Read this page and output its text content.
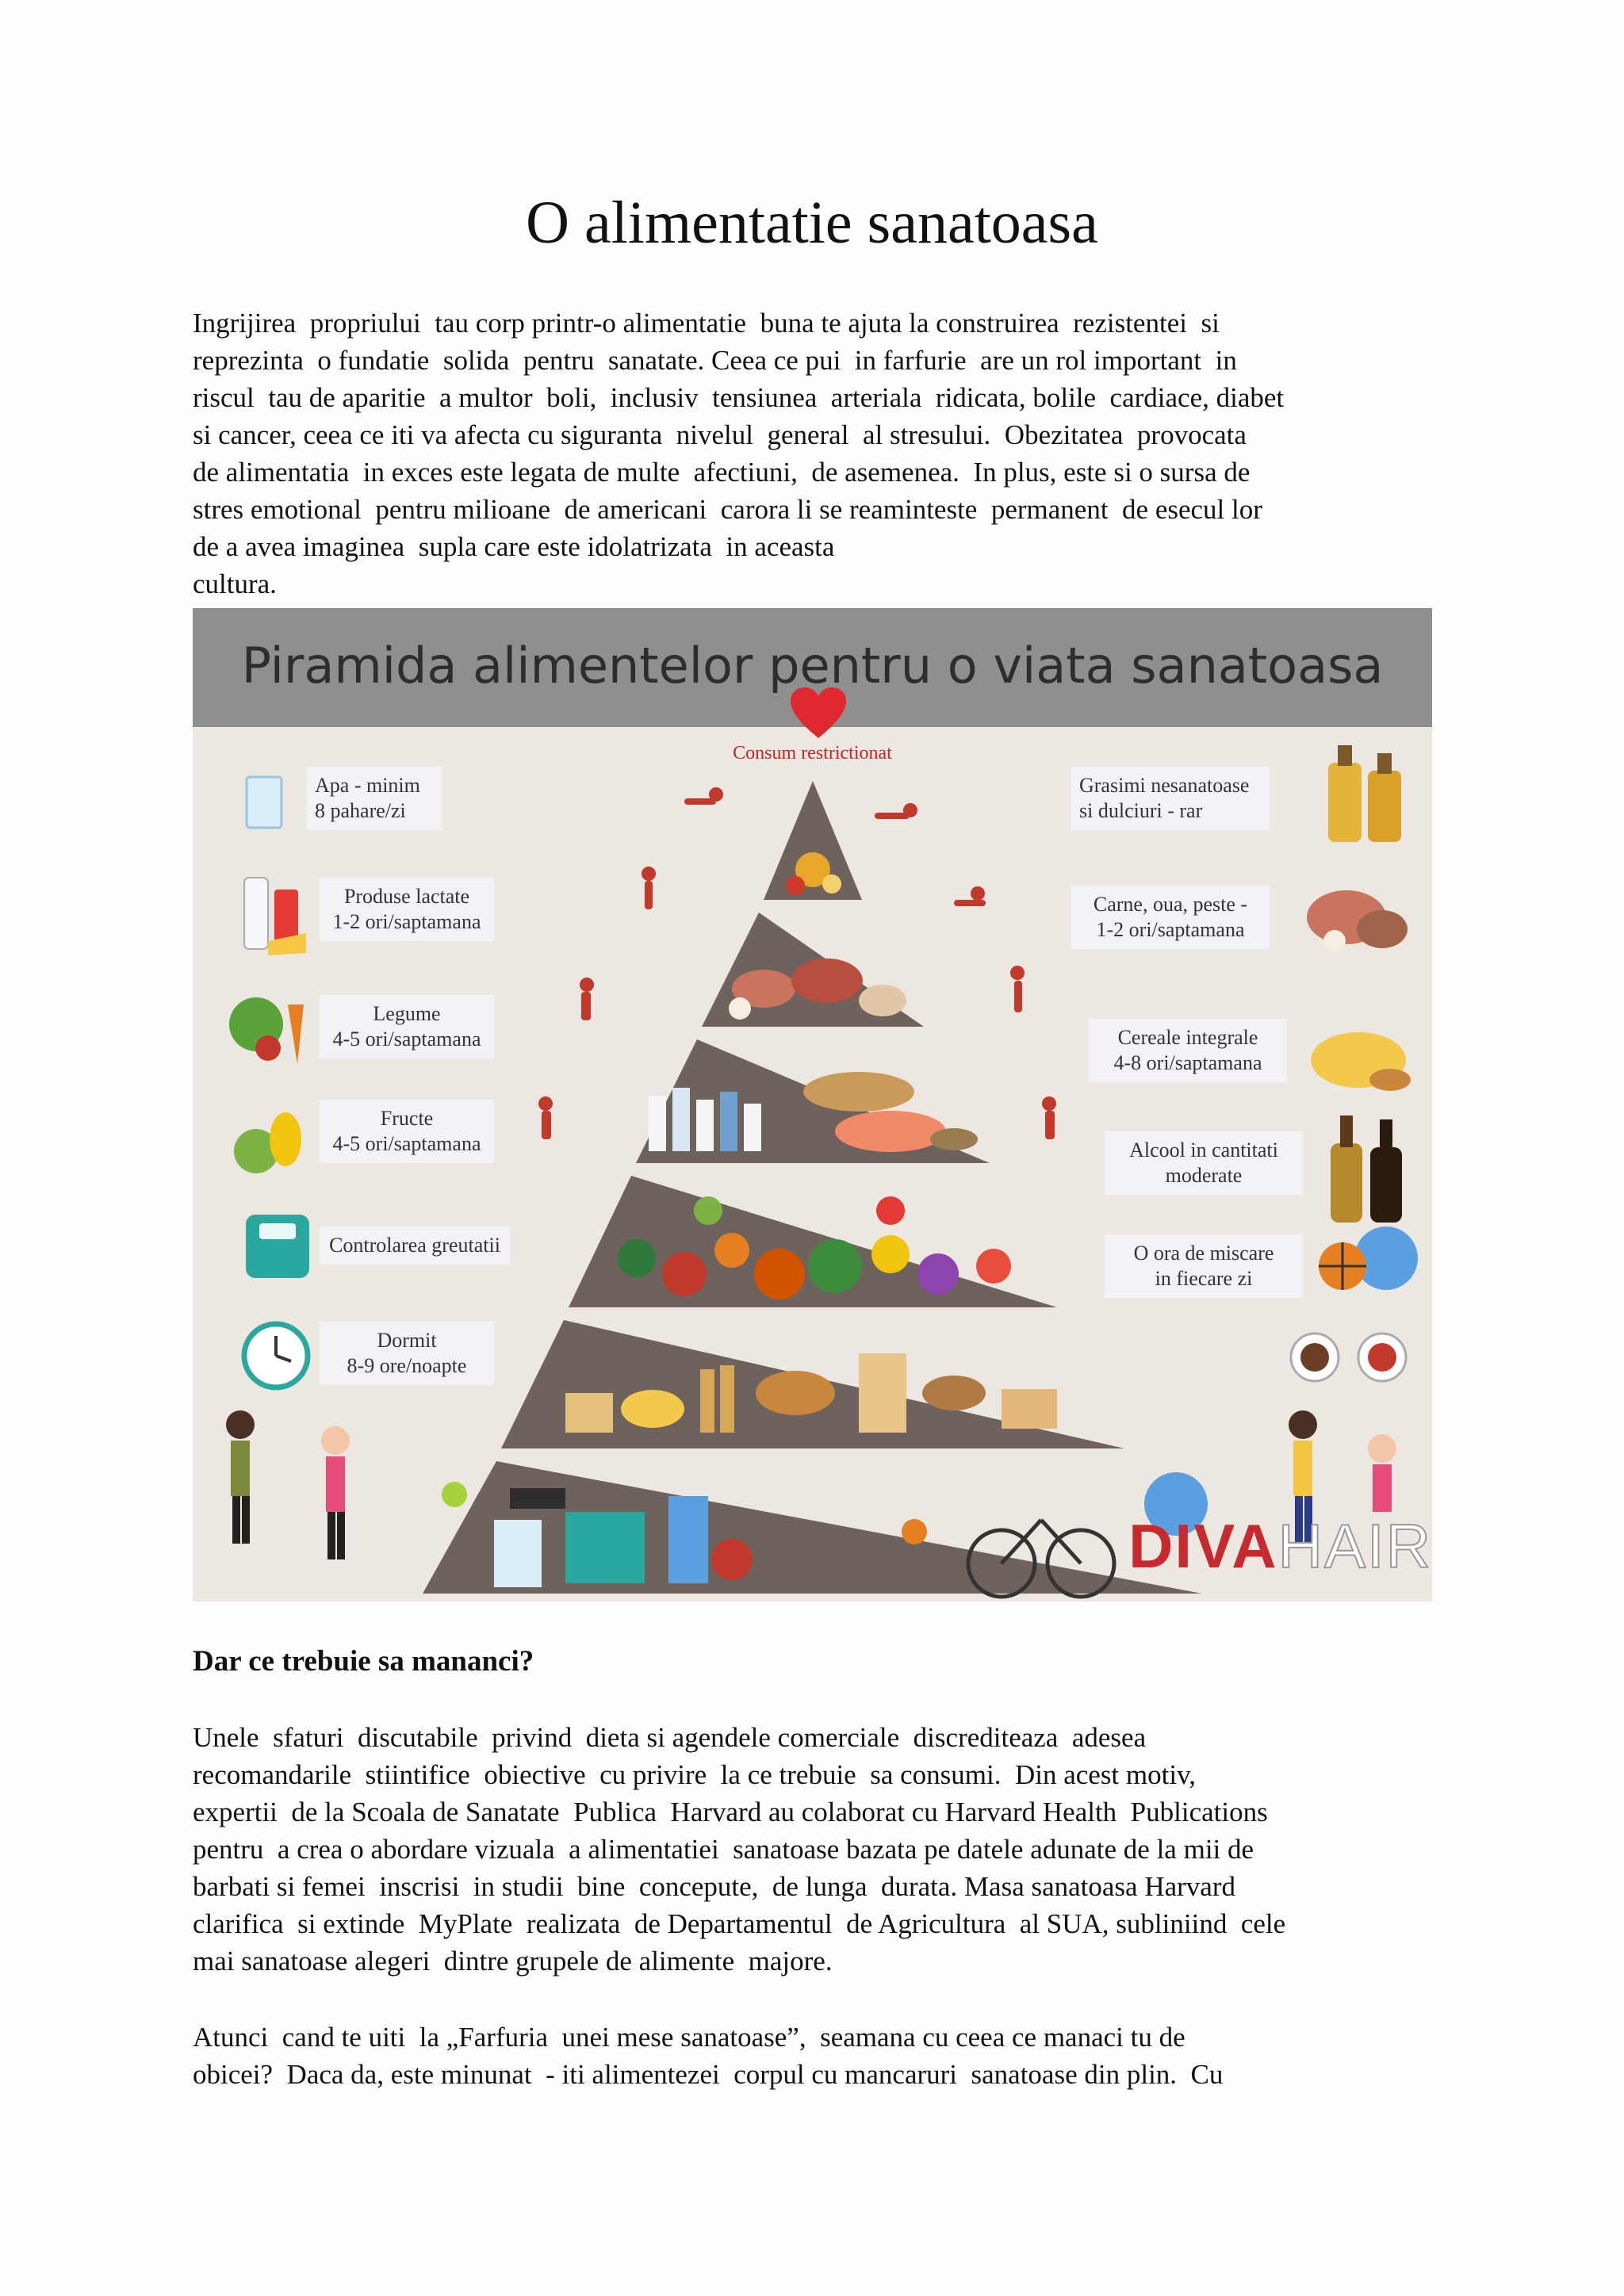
O alimentatie sanatoasa
Ingrijirea  propriului  tau corp printr-o alimentatie  buna te ajuta la construirea  rezistentei  si
reprezinta  o fundatie  solida  pentru  sanatate. Ceea ce pui  in farfurie  are un rol important  in
riscul  tau de aparitie  a multor  boli,  inclusiv  tensiunea  arteriala  ridicata, bolile  cardiace, diabet
si cancer, ceea ce iti va afecta cu siguranta  nivelul  general  al stresului.  Obezitatea  provocata
de alimentatia  in exces este legata de multe  afectiuni,  de asemenea.  In plus, este si o sursa de
stres emotional  pentru milioane  de americani  carora li se reaminteste  permanent  de esecul lor
de a avea imaginea  supla care este idolatrizata  in aceasta
cultura.
Piramida alimentelor pentru o viata sanatoasa
Consum restrictionat
Apa - minim
8 pahare/zi
Produse lactate
1-2 ori/saptamana
Legume
4-5 ori/saptamana
Fructe
4-5 ori/saptamana
Controlarea greutatii
Dormit
8-9 ore/noapte
Grasimi nesanatoase
si dulciuri - rar
Carne, oua, peste -
1-2 ori/saptamana
Cereale integrale
4-8 ori/saptamana
Alcool in cantitati
moderate
O ora de miscare
in fiecare zi
DIVAHAIR
Dar ce trebuie sa mananci?
Unele  sfaturi  discutabile  privind  dieta si agendele comerciale  discrediteaza  adesea
recomandarile  stiintifice  obiective  cu privire  la ce trebuie  sa consumi.  Din acest motiv,
expertii  de la Scoala de Sanatate  Publica  Harvard au colaborat cu Harvard Health  Publications
pentru  a crea o abordare vizuala  a alimentatiei  sanatoase bazata pe datele adunate de la mii de
barbati si femei  inscrisi  in studii  bine  concepute,  de lunga  durata. Masa sanatoasa Harvard
clarifica  si extinde  MyPlate  realizata  de Departamentul  de Agricultura  al SUA, subliniind  cele
mai sanatoase alegeri  dintre grupele de alimente  majore.
Atunci  cand te uiti  la „Farfuria  unei mese sanatoase”,  seamana cu ceea ce manaci tu de
obicei?  Daca da, este minunat  - iti alimentezei  corpul cu mancaruri  sanatoase din plin.  Cu
